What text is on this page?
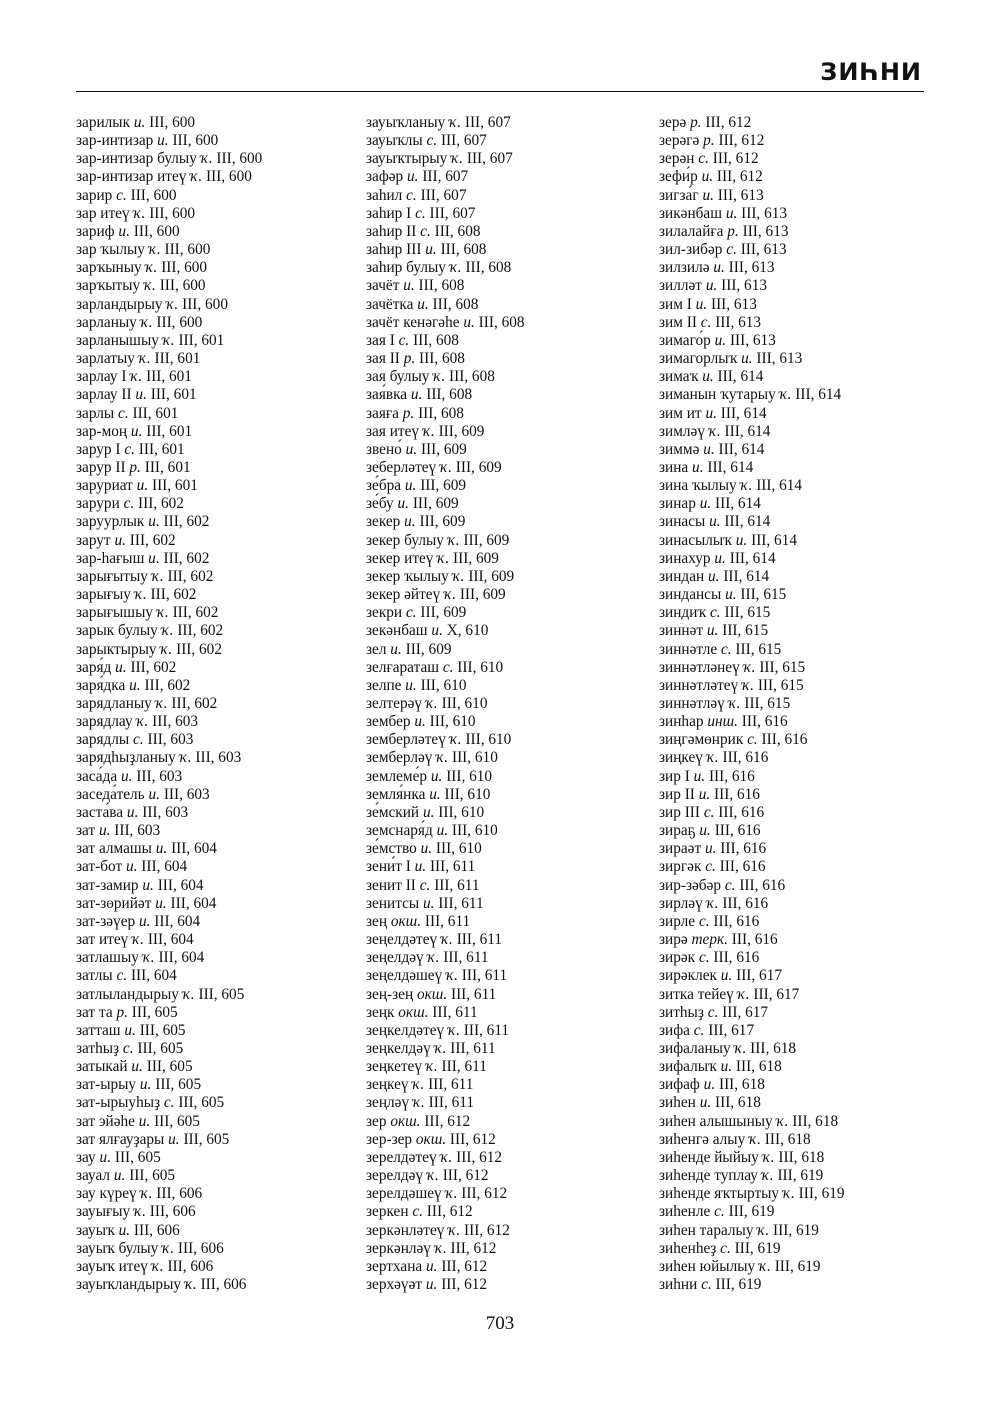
ЗИҺНИ
зарилык и. III, 600
зар-интизар и. III, 600
зар-интизар булыу ҡ. III, 600
зар-интизар итеү ҡ. III, 600
зарир с. III, 600
зар итеү ҡ. III, 600
зариф и. III, 600
зар ҡылыу ҡ. III, 600
зарҡыныу ҡ. III, 600
зарҡытыу ҡ. III, 600
зарландырыу ҡ. III, 600
зарланыу ҡ. III, 600
зарланышыу ҡ. III, 601
зарлатыу ҡ. III, 601
зарлау I ҡ. III, 601
зарлау II и. III, 601
зарлы с. III, 601
зар-моң и. III, 601
зарур I с. III, 601
зарур II р. III, 601
заруриат и. III, 601
зарури с. III, 602
заруурлык и. III, 602
зарут и. III, 602
зар-һағыш и. III, 602
зарығытыу ҡ. III, 602
зарығыу ҡ. III, 602
зарығышыу ҡ. III, 602
зарык булыу ҡ. III, 602
зарыктырыу ҡ. III, 602
заря́д и. III, 602
заря́дка и. III, 602
зарядланыу ҡ. III, 602
зарядлау ҡ. III, 603
зарядлы с. III, 603
зарядһыҙланыу ҡ. III, 603
заса́да и. III, 603
заседа́тель и. III, 603
заста́ва и. III, 603
зат и. III, 603
зат алмашы и. III, 604
зат-бот и. III, 604
зат-замир и. III, 604
зат-зөрийәт и. III, 604
зат-зәүер и. III, 604
зат итеү ҡ. III, 604
затлашыу ҡ. III, 604
затлы с. III, 604
затлыландырыу ҡ. III, 605
зат та р. III, 605
затташ и. III, 605
затһыҙ с. III, 605
затыкай и. III, 605
зат-ырыу и. III, 605
зат-ырыуһыҙ с. III, 605
зат эйәһе и. III, 605
зат ялғауҙары и. III, 605
зау и. III, 605
зауал и. III, 605
зау күреү ҡ. III, 606
зауығыу ҡ. III, 606
зауыҡ и. III, 606
зауыҡ булыу ҡ. III, 606
зауыҡ итеү ҡ. III, 606
зауыҡландырыу ҡ. III, 606
зауыҡланыу ҡ. III, 607
зауыҡлы с. III, 607
зауыҡтырыу ҡ. III, 607
зафәр и. III, 607
заһил с. III, 607
заһир I с. III, 607
заһир II с. III, 608
заһир III и. III, 608
заһир булыу ҡ. III, 608
зачёт и. III, 608
зачётка и. III, 608
зачёт кенәгәһе и. III, 608
зая I с. III, 608
зая II р. III, 608
зая булыу ҡ. III, 608
зая́вка и. III, 608
заяға р. III, 608
зая итеү ҡ. III, 609
звено́ и. III, 609
зеберләтеү ҡ. III, 609
зе́бра и. III, 609
зе́бу и. III, 609
зекер и. III, 609
зекер булыу ҡ. III, 609
зекер итеү ҡ. III, 609
зекер ҡылыу ҡ. III, 609
зекер әйтеү ҡ. III, 609
зекри с. III, 609
зекәнбаш и. X, 610
зел и. III, 609
зелғараташ с. III, 610
зелпе и. III, 610
зелтерәү ҡ. III, 610
зембер и. III, 610
земберләтеү ҡ. III, 610
земберләү ҡ. III, 610
землеме́р и. III, 610
земля́нка и. III, 610
зе́мский и. III, 610
земснаря́д и. III, 610
зе́мство и. III, 610
зени́т I и. III, 611
зенит II с. III, 611
зенитсы и. III, 611
зең окш. III, 611
зеңелдәтеү ҡ. III, 611
зеңелдәү ҡ. III, 611
зеңелдәшеү ҡ. III, 611
зең-зең окш. III, 611
зеңк окш. III, 611
зеңкелдәтеү ҡ. III, 611
зеңкелдәү ҡ. III, 611
зеңкетеү ҡ. III, 611
зеңкеү ҡ. III, 611
зеңләү ҡ. III, 611
зер окш. III, 612
зер-зер окш. III, 612
зерелдәтеү ҡ. III, 612
зерелдәү ҡ. III, 612
зерелдәшеү ҡ. III, 612
зеркен с. III, 612
зеркәнләтеү ҡ. III, 612
зеркәнләү ҡ. III, 612
зертхана и. III, 612
зерхәүәт и. III, 612
зерә р. III, 612
зерәгә р. III, 612
зерән с. III, 612
зефи́р и. III, 612
зигза́г и. III, 613
зикәнбаш и. III, 613
зилалайға р. III, 613
зил-зибәр с. III, 613
зилзилә и. III, 613
зилләт и. III, 613
зим I и. III, 613
зим II с. III, 613
зимаго́р и. III, 613
зимагорлыҡ и. III, 613
зимаҡ и. III, 614
зиманын ҡутарыу ҡ. III, 614
зим ит и. III, 614
зимләү ҡ. III, 614
зиммә и. III, 614
зина и. III, 614
зина ҡылыу ҡ. III, 614
зинар и. III, 614
зинасы и. III, 614
зинасылыҡ и. III, 614
зинахур и. III, 614
зиндан и. III, 614
зиндансы и. III, 615
зиндиҡ с. III, 615
зиннәт и. III, 615
зиннәтле с. III, 615
зиннәтләнеү ҡ. III, 615
зиннәтләтеү ҡ. III, 615
зиннәтләү ҡ. III, 615
зинһар инш. III, 616
зиңгәмөнрик с. III, 616
зиңкеү ҡ. III, 616
зир I и. III, 616
зир II и. III, 616
зир III с. III, 616
зираҕ и. III, 616
зираәт и. III, 616
зиргәк с. III, 616
зир-зәбәр с. III, 616
зирләү ҡ. III, 616
зирле с. III, 616
зирә терк. III, 616
зирәк с. III, 616
зирәклек и. III, 617
зитка тейеү ҡ. III, 617
зитһыҙ с. III, 617
зифа с. III, 617
зифаланыу ҡ. III, 618
зифалыҡ и. III, 618
зифаф и. III, 618
зиһен и. III, 618
зиһен алышыныу ҡ. III, 618
зиһенгә алыу ҡ. III, 618
зиһенде йыйыу ҡ. III, 618
зиһенде туплау ҡ. III, 619
зиһенде яҡтыртыу ҡ. III, 619
зиһенле с. III, 619
зиһен таралыу ҡ. III, 619
зиһенһеҙ с. III, 619
зиһен юйылыу ҡ. III, 619
зиһни с. III, 619
703
